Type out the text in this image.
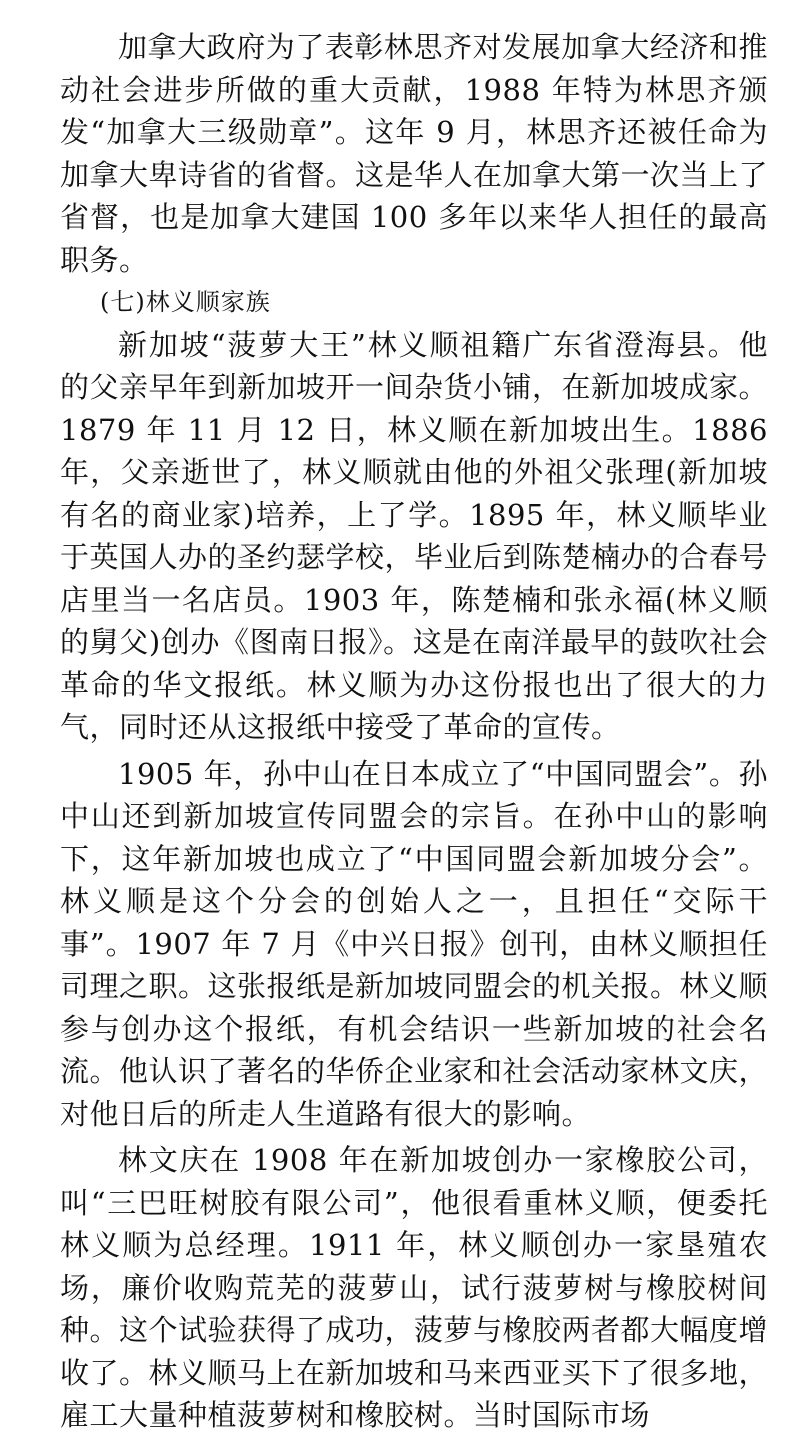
加拿大政府为了表彰林思齐对发展加拿大经济和推动社会进步所做的重大贡献，1988 年特为林思齐颁发“加拿大三级勋章”。这年 9 月，林思齐还被任命为加拿大卑诗省的省督。这是华人在加拿大第一次当上了省督，也是加拿大建国 100 多年以来华人担任的最高职务。

(七)林义顺家族

新加坡“菠萝大王”林义顺祖籍广东省澄海县。他的父亲早年到新加坡开一间杂货小铺，在新加坡成家。1879 年 11 月 12 日，林义顺在新加坡出生。1886 年，父亲逝世了，林义顺就由他的外祖父张理(新加坡有名的商业家)培养，上了学。1895 年，林义顺毕业于英国人办的圣约瑟学校，毕业后到陈楚楠办的合春号店里当一名店员。1903 年，陈楚楠和张永福(林义顺的舅父)创办《图南日报》。这是在南洋最早的鼓吹社会革命的华文报纸。林义顺为办这份报也出了很大的力气，同时还从这报纸中接受了革命的宣传。

1905 年，孙中山在日本成立了“中国同盟会”。孙中山还到新加坡宣传同盟会的宗旨。在孙中山的影响下，这年新加坡也成立了“中国同盟会新加坡分会”。林义顺是这个分会的创始人之一，且担任“交际干事”。1907 年 7 月《中兴日报》创刊，由林义顺担任司理之职。这张报纸是新加坡同盟会的机关报。林义顺参与创办这个报纸，有机会结识一些新加坡的社会名流。他认识了著名的华侨企业家和社会活动家林文庆，对他日后的所走人生道路有很大的影响。

林文庆在 1908 年在新加坡创办一家橡胶公司，叫“三巴旺树胶有限公司”，他很看重林义顺，便委托林义顺为总经理。1911 年，林义顺创办一家垦殖农场，廉价收购荒芜的菠萝山，试行菠萝树与橡胶树间种。这个试验获得了成功，菠萝与橡胶两者都大幅度增收了。林义顺马上在新加坡和马来西亚买下了很多地，雇工大量种植菠萝树和橡胶树。当时国际市场
